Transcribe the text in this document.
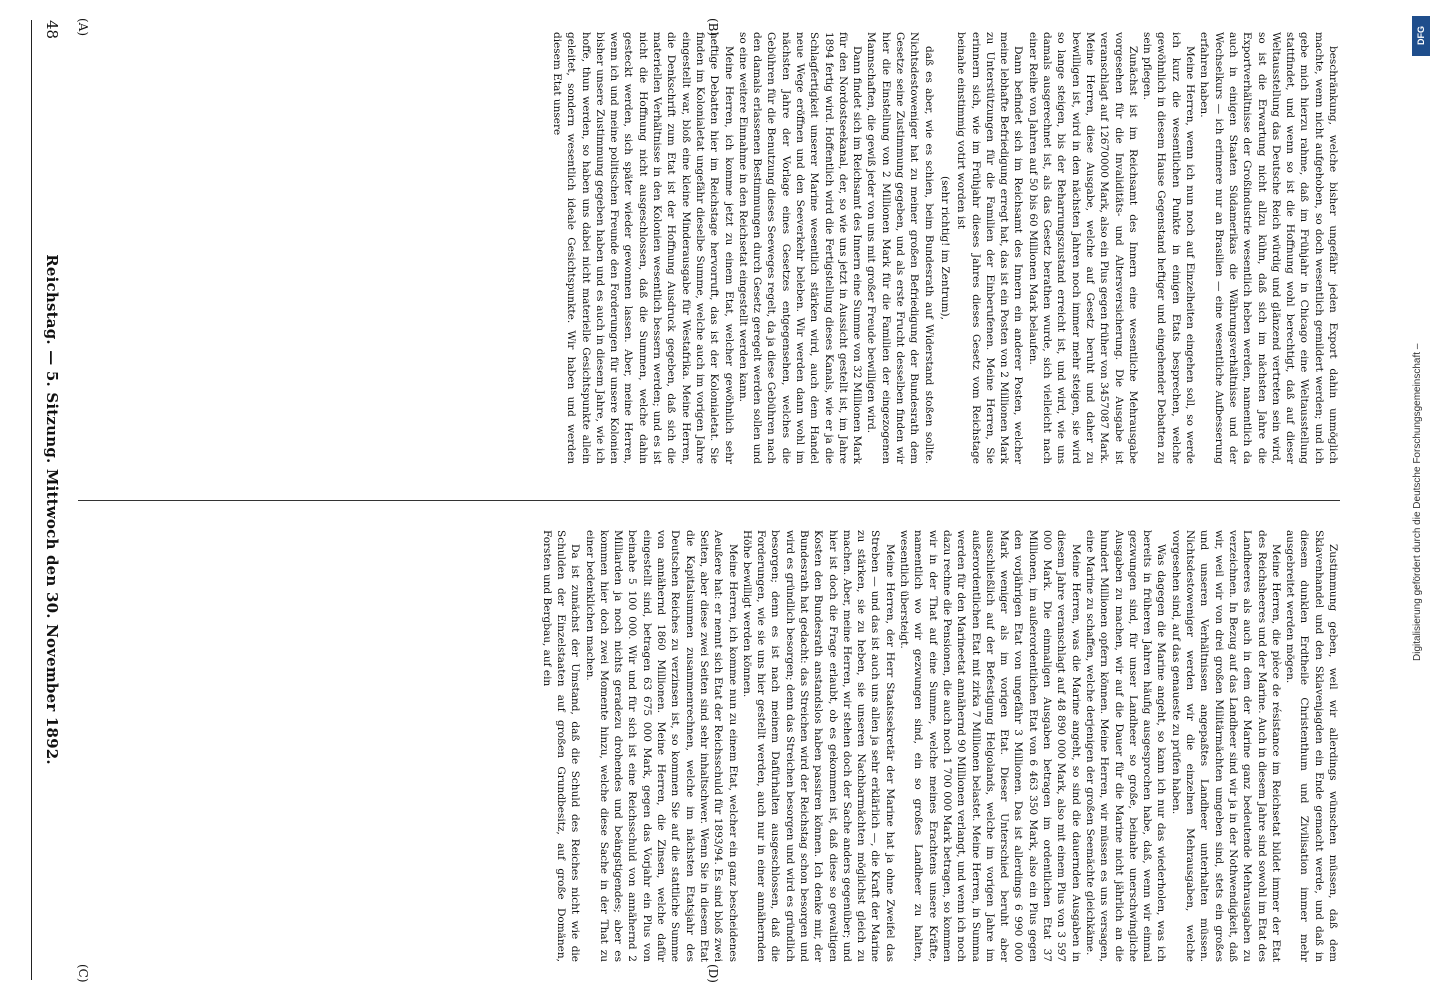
48
Reichstag. — 5. Sitzung. Mittwoch den 30. November 1892.	beschränkung, welche bisher ungefähr jeden Export dahin unmöglich machte, wenn nicht aufgehoben, so doch wesentlich gemildert werden; und ich gebe mich hierzu rahme, daß im Frühjahr in Chicago eine Weltausstellung stattfindet, und wenn so ist die Hoffnung wohl berechtigt, daß auf dieser Weltausstellung das Deutsche Reich würdig und glänzend vertreten sein wird, so ist die Erwartung nicht allzu kühn, daß sich im nächsten Jahre die Exportverhältnisse der Großindustrie wesentlich heben werden, namentlich da auch in einigen Staaten Südamerikas die Währungsverhältnisse und der Wechselkurs — ich erinnere nur an Brasilien — eine wesentliche Aufbesserung erfahren haben.

Meine Herren, wenn ich nun noch auf Einzelheiten eingehen soll, so werde ich kurz die wesentlichen Punkte in einigen Etats besprechen, welche gewöhnlich in diesem Hause Gegenstand heftiger und eingehender Debatten zu sein pflegen.

Zunächst ist im Reichsamt des Innern eine wesentliche Mehrausgabe vorgesehen für die Invaliditäts- und Altersversicherung. Die Ausgabe ist veranschlagt auf 12670000 Mark, also ein Plus gegen früher von 3457087 Mark. Meine Herren, diese Ausgabe, welche auf Gesetz beruht und daher zu bewilligen ist, wird in den nächsten Jahren noch immer mehr steigen, sie wird so lange steigen, bis der Beharrungszustand erreicht ist, und wird, wie uns damals ausgerechnet ist, als das Gesetz berathen wurde, sich vielleicht nach einer Reihe von Jahren auf 50 bis 60 Millionen Mark belaufen.

Dann befindet sich im Reichsamt des Innern ein anderer Posten, welcher meine lebhafte Befriedigung erregt hat, das ist ein Posten von 2 Millionen Mark zu Unterstützungen für die Familien der Einberufenen. Meine Herren, Sie erinnern sich, wie im Frühjahr dieses Jahres dieses Gesetz vom Reichstage beinahe einstimmig votirt worden ist

(sehr richtig! im Zentrum),

daß es aber, wie es schien, beim Bundesrath auf Widerstand stoßen sollte. Nichtsdestoweniger hat zu meiner großen Befriedigung der Bundesrath dem Gesetze seine Zustimmung gegeben, und als erste Frucht desselben finden wir hier die Einstellung von 2 Millionen Mark für die Familien der eingezogenen Mannschaften, die gewiß jeder von uns mit großer Freude bewilligen wird.

Dann findet sich im Reichsamt des Innern eine Summe von 32 Millionen Mark für den Nordostseekanal, der, so wie uns jetzt in Aussicht gestellt ist, im Jahre 1894 fertig wird. Hoffentlich wird die Fertigstellung dieses Kanals, wie er ja die Schlagfertigkeit unserer Marine wesentlich stärken wird, auch dem Handel neue Wege eröffnen und den Seeverkehr beleben. Wir werden dann wohl im nächsten Jahre der Vorlage eines Gesetzes entgegensehen, welches die Gebühren für die Benutzung dieses Seeweges regelt, da ja diese Gebühren nach den damals erlassenen Bestimmungen durch Gesetz geregelt werden sollen und so eine weitere Einnahme in den Reichsetat eingestellt werden kann.

Meine Herren, ich komme jetzt zu einem Etat, welcher gewöhnlich sehr heftige Debatten hier im Reichstage hervorruft, das ist der Kolonialetat. Sie finden im Kolonialetat ungefähr dieselbe Summe, welche auch im vorigen Jahre eingestellt war, bloß eine kleine Minderausgabe für Westafrika. Meine Herren, die Denkschrift zum Etat ist der Hoffnung Ausdruck gegeben, daß sich die materiellen Verhältnisse in den Kolonien wesentlich bessern werden; und es ist nicht die Hoffnung nicht ausgeschlossen, daß die Summen, welche dahin gesteckt werden, sich später wieder gewonnen lassen. Aber, meine Herren, wenn ich und meine politischen Freunde den Forderungen für unsere Kolonien bisher unsere Zustimmung gegeben haben und es auch in diesem Jahre, wie ich hoffe, thun werden, so haben uns dabei nicht materielle Gesichtspunkte allein geleitet, sondern wesentlich ideale Gesichtspunkte. Wir haben und werden diesem Etat unsere

Zustimmung geben, weil wir allerdings wünschen müssen, daß dem Sklavenhandel und den Sklavenjagden ein Ende gemacht werde, und daß in diesem dunklen Erdtheile Christenthum und Zivilisation immer mehr ausgebreitet werden mögen.

Meine Herren, die pièce de résistance im Reichsetat bildet immer der Etat des Reichsheeres und der Marine. Auch in diesem Jahre sind sowohl im Etat des Landheeres als auch in dem der Marine ganz bedeutende Mehrausgaben zu verzeichnen. In Bezug auf das Landheer sind wir ja in der Nothwendigkeit, daß wir, weil wir von drei großen Militärmächten umgeben sind, stets ein großes und unseren Verhältnissen angepaßtes Landheer unterhalten müssen. Nichtsdestoweniger werden wir die einzelnen Mehrausgaben, welche vorgesehen sind, auf das genaueste zu prüfen haben.

Was dagegen die Marine angeht, so kann ich nur das wiederholen, was ich bereits in früheren Jahren häufig ausgesprochen habe, daß, wenn wir einmal gezwungen sind, für unser Landheer so große, beinahe unerschwingliche Ausgaben zu machen, wir auf die Dauer für die Marine nicht jährlich an die hundert Millionen opfern können. Meine Herren, wir müssen es uns versagen, eine Marine zu schaffen, welche derjenigen der großen Seemächte gleichkäme.

Meine Herren, was die Marine angeht, so sind die dauernden Ausgaben in diesem Jahre veranschlagt auf 48 890 000 Mark, also mit einem Plus von 3 597 000 Mark. Die einmaligen Ausgaben betragen im ordentlichen Etat 37 Millionen, im außerordentlichen Etat von 6 463 350 Mark, also ein Plus gegen den vorjährigen Etat von ungefähr 3 Millionen. Das ist allerdings 6 990 000 Mark weniger als im vorigen Etat. Dieser Unterschied beruht aber ausschließlich auf der Befestigung Helgolands, welche im vorigen Jahre im außerordentlichen Etat mit zirka 7 Millionen belastet. Meine Herren, in Summa werden für den Marineetat annähernd 90 Millionen verlangt, und wenn ich noch dazu rechne die Pensionen, die auch noch 1 700 000 Mark betragen, so kommen wir in der That auf eine Summe, welche meines Erachtens unsere Kräfte, namentlich wo wir gezwungen sind, ein so großes Landheer zu halten, wesentlich übersteigt.

Meine Herren, der Herr Staatssekretär der Marine hat ja ohne Zweifel das Streben — und das ist auch uns allen ja sehr erklärlich —, die Kraft der Marine zu stärken, sie zu heben, sie unseren Nachbarmächten möglichst gleich zu machen. Aber, meine Herren, wir stehen doch der Sache anders gegenüber; und hier ist doch die Frage erlaubt, ob es gekommen ist, daß diese so gewaltigen Kosten den Bundesrath anstandslos haben passiren können. Ich denke mir, der Bundesrath hat gedacht: das Streichen wird der Reichstag schon besorgen und wird es gründlich besorgen; denn das Streichen besorgen und wird es gründlich besorgen; denn es ist nach meinem Dafürhalten ausgeschlossen, daß die Forderungen, wie sie uns hier gestellt werden, auch nur in einer annähernden Höhe bewilligt werden können.

Meine Herren, ich komme nun zu einem Etat, welcher ein ganz bescheidenes Aeußere hat: er nennt sich Etat der Reichsschuld für 1893/94. Es sind bloß zwei Seiten, aber diese zwei Seiten sind sehr inhaltschwer. Wenn Sie in diesem Etat die Kapitalsummen zusammenrechnen, welche im nächsten Etatsjahr des Deutschen Reiches zu verzinsen ist, so kommen Sie auf die stattliche Summe von annähernd 1860 Millionen. Meine Herren, die Zinsen, welche dafür eingestellt sind, betragen 63 675 000 Mark, gegen das Vorjahr ein Plus von beinahe 5 100 000. Wir und für sich ist eine Reichsschuld von annähernd 2 Milliarden ja noch nichts geradezu drohendes und beängstigendes; aber es kommen hier doch zwei Momente hinzu, welche diese Sache in der That zu einer bedenklichen machen.

Da ist zunächst der Umstand, daß die Schuld des Reiches nicht wie die Schulden der Einzelstaaten auf großen Grundbesitz, auf große Domänen, Forsten und Bergbau, auf ein

(A)	(B)
(C)	(D)
DFG
Digitalisierung gefördert durch die Deutsche Forschungsgemeinschaft –
